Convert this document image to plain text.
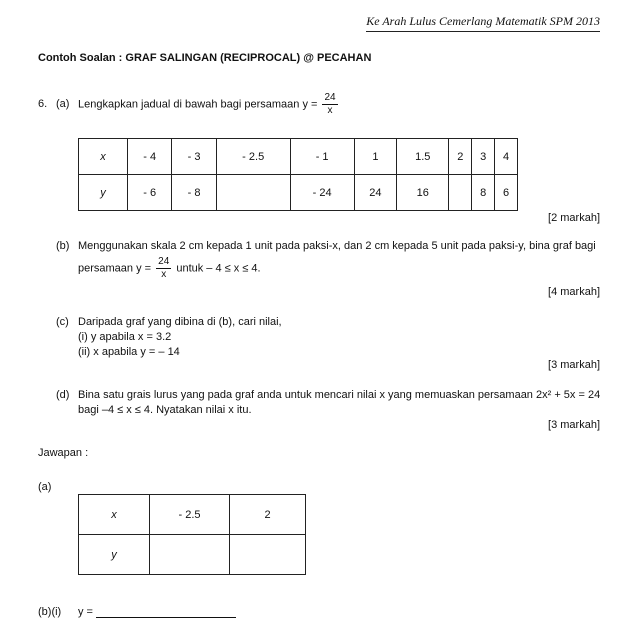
Ke Arah Lulus Cemerlang Matematik SPM 2013
Contoh Soalan : GRAF SALINGAN (RECIPROCAL) @ PECAHAN
6. (a) Lengkapkan jadual di bawah bagi persamaan $y = \frac{24}{x}$
x	- 4	- 3	- 2.5	- 1	1	1.5	2	3	4
y	- 6	- 8		- 24	24	16		8	6
[2 markah]
(b) Menggunakan skala 2 cm kepada 1 unit pada paksi-x, dan 2 cm kepada 5 unit pada paksi-y, bina graf bagi
persamaan $y = \frac{24}{x}$ untuk – 4 ≤ x ≤ 4.
[4 markah]
(c) Daripada graf yang dibina di (b), cari nilai,
(i) y apabila x = 3.2
(ii) x apabila y = – 14
[3 markah]
(d) Bina satu grais lurus yang pada graf anda untuk mencari nilai x yang memuaskan persamaan 2x² + 5x = 24
bagi –4 ≤ x ≤ 4. Nyatakan nilai x itu.
[3 markah]
Jawapan :
(a)
x	- 2.5	2
y		
(b)(i) y =
